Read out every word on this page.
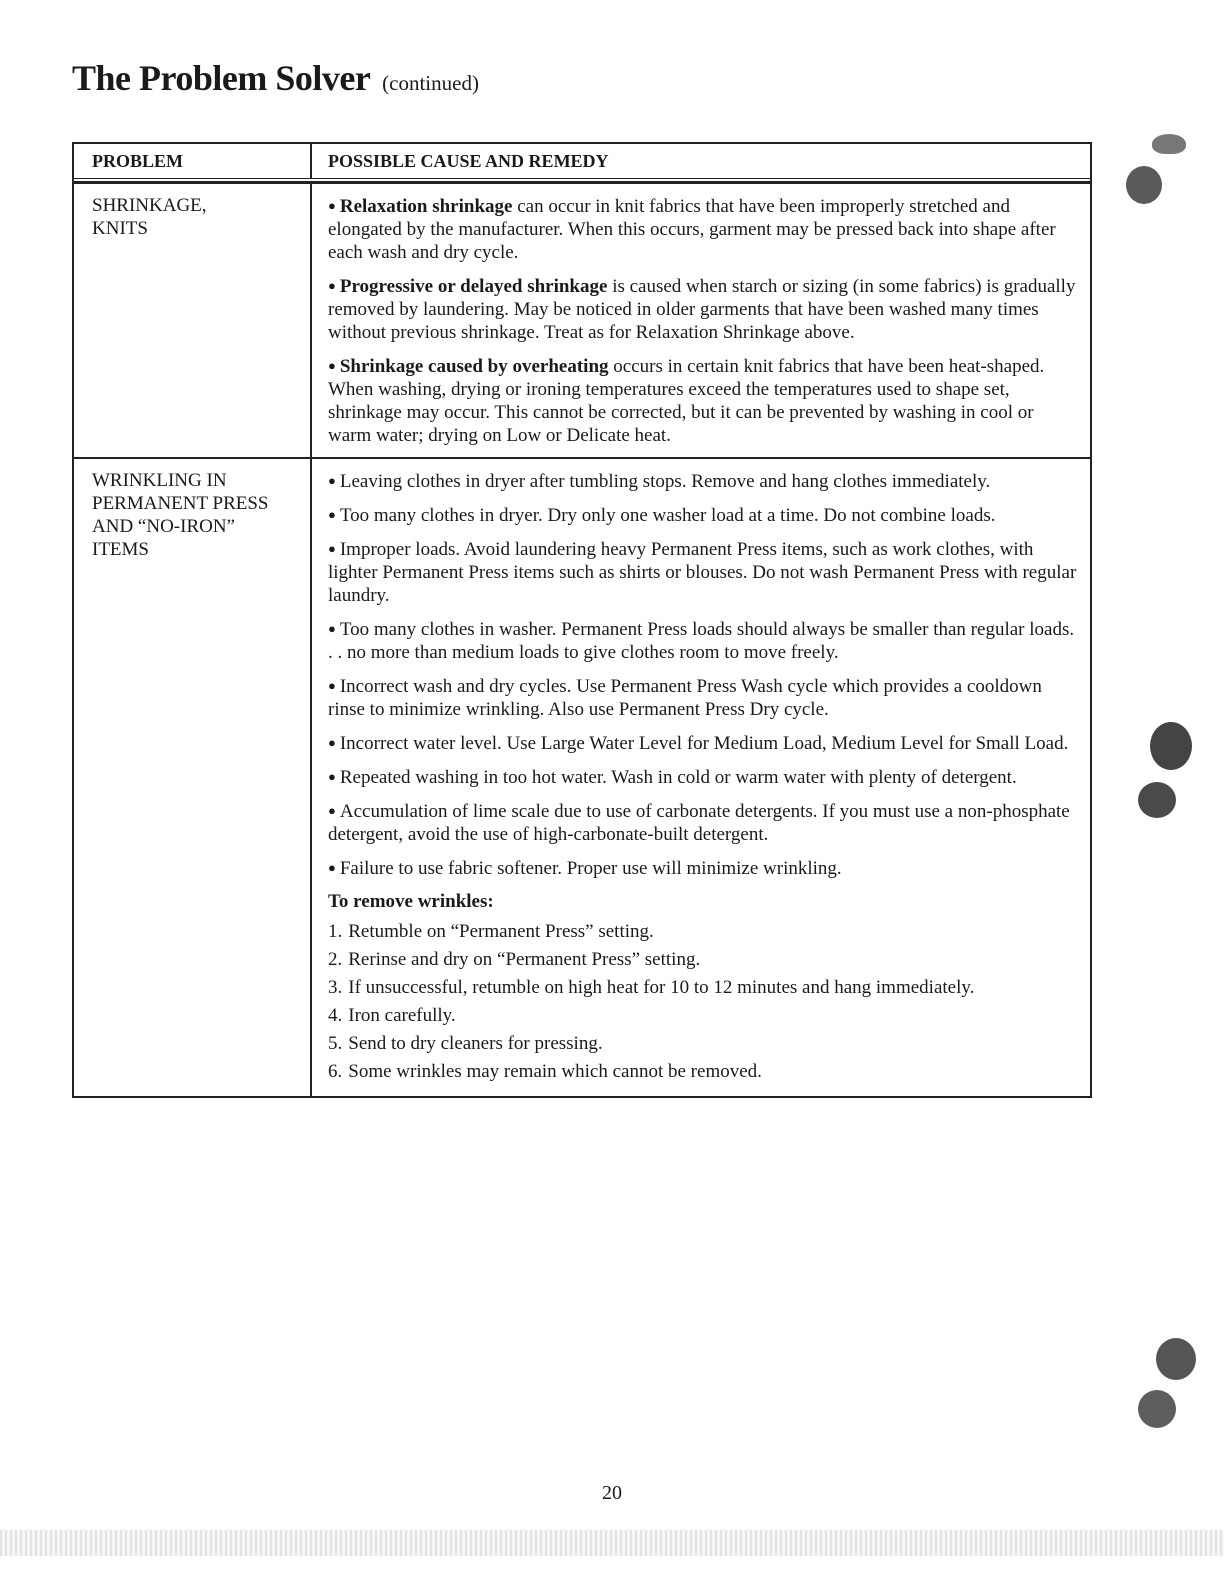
The Problem Solver (continued)
PROBLEM	POSSIBLE CAUSE AND REMEDY
SHRINKAGE,
KNITS

● Relaxation shrinkage can occur in knit fabrics that have been improperly stretched and elongated by the manufacturer. When this occurs, garment may be pressed back into shape after each wash and dry cycle.

● Progressive or delayed shrinkage is caused when starch or sizing (in some fabrics) is gradually removed by laundering. May be noticed in older garments that have been washed many times without previous shrinkage. Treat as for Relaxation Shrinkage above.

● Shrinkage caused by overheating occurs in certain knit fabrics that have been heat-shaped. When washing, drying or ironing temperatures exceed the temperatures used to shape set, shrinkage may occur. This cannot be corrected, but it can be prevented by washing in cool or warm water; drying on Low or Delicate heat.

WRINKLING IN
PERMANENT PRESS
AND “NO-IRON”
ITEMS

● Leaving clothes in dryer after tumbling stops. Remove and hang clothes immediately.

● Too many clothes in dryer. Dry only one washer load at a time. Do not combine loads.

● Improper loads. Avoid laundering heavy Permanent Press items, such as work clothes, with lighter Permanent Press items such as shirts or blouses. Do not wash Permanent Press with regular laundry.

● Too many clothes in washer. Permanent Press loads should always be smaller than regular loads. . . no more than medium loads to give clothes room to move freely.

● Incorrect wash and dry cycles. Use Permanent Press Wash cycle which provides a cooldown rinse to minimize wrinkling. Also use Permanent Press Dry cycle.

● Incorrect water level. Use Large Water Level for Medium Load, Medium Level for Small Load.

● Repeated washing in too hot water. Wash in cold or warm water with plenty of detergent.

● Accumulation of lime scale due to use of carbonate detergents. If you must use a non-phosphate detergent, avoid the use of high-carbonate-built detergent.

● Failure to use fabric softener. Proper use will minimize wrinkling.

To remove wrinkles:
1. Retumble on “Permanent Press” setting.
2. Rerinse and dry on “Permanent Press” setting.
3. If unsuccessful, retumble on high heat for 10 to 12 minutes and hang immediately.
4. Iron carefully.
5. Send to dry cleaners for pressing.
6. Some wrinkles may remain which cannot be removed.
20
